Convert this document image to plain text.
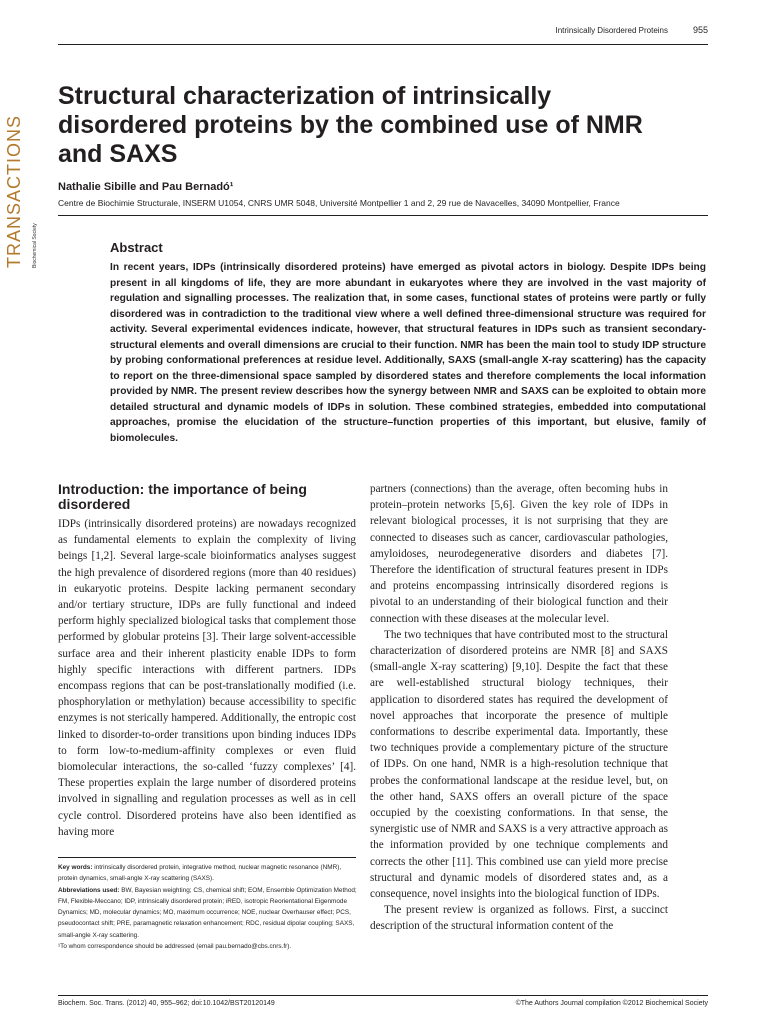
Intrinsically Disordered Proteins	955
TRANSACTIONS Biochemical Society
Structural characterization of intrinsically disordered proteins by the combined use of NMR and SAXS
Nathalie Sibille and Pau Bernadó¹
Centre de Biochimie Structurale, INSERM U1054, CNRS UMR 5048, Université Montpellier 1 and 2, 29 rue de Navacelles, 34090 Montpellier, France
Abstract
In recent years, IDPs (intrinsically disordered proteins) have emerged as pivotal actors in biology. Despite IDPs being present in all kingdoms of life, they are more abundant in eukaryotes where they are involved in the vast majority of regulation and signalling processes. The realization that, in some cases, functional states of proteins were partly or fully disordered was in contradiction to the traditional view where a well defined three-dimensional structure was required for activity. Several experimental evidences indicate, however, that structural features in IDPs such as transient secondary-structural elements and overall dimensions are crucial to their function. NMR has been the main tool to study IDP structure by probing conformational preferences at residue level. Additionally, SAXS (small-angle X-ray scattering) has the capacity to report on the three-dimensional space sampled by disordered states and therefore complements the local information provided by NMR. The present review describes how the synergy between NMR and SAXS can be exploited to obtain more detailed structural and dynamic models of IDPs in solution. These combined strategies, embedded into computational approaches, promise the elucidation of the structure–function properties of this important, but elusive, family of biomolecules.
Introduction: the importance of being disordered

IDPs (intrinsically disordered proteins) are nowadays recognized as fundamental elements to explain the complexity of living beings [1,2]. Several large-scale bioinformatics analyses suggest the high prevalence of disordered regions (more than 40 residues) in eukaryotic proteins. Despite lacking permanent secondary and/or tertiary structure, IDPs are fully functional and indeed perform highly specialized biological tasks that complement those performed by globular proteins [3]. Their large solvent-accessible surface area and their inherent plasticity enable IDPs to form highly specific interactions with different partners. IDPs encompass regions that can be post-translationally modified (i.e. phosphorylation or methylation) because accessibility to specific enzymes is not sterically hampered. Additionally, the entropic cost linked to disorder-to-order transitions upon binding induces IDPs to form low-to-medium-affinity complexes or even fluid biomolecular interactions, the so-called ‘fuzzy complexes’ [4]. These properties explain the large number of disordered proteins involved in signalling and regulation processes as well as in cell cycle control. Disordered proteins have also been identified as having more

partners (connections) than the average, often becoming hubs in protein–protein networks [5,6]. Given the key role of IDPs in relevant biological processes, it is not surprising that they are connected to diseases such as cancer, cardiovascular pathologies, amyloidoses, neurodegenerative disorders and diabetes [7]. Therefore the identification of structural features present in IDPs and proteins encompassing intrinsically disordered regions is pivotal to an understanding of their biological function and their connection with these diseases at the molecular level.

The two techniques that have contributed most to the structural characterization of disordered proteins are NMR [8] and SAXS (small-angle X-ray scattering) [9,10]. Despite the fact that these are well-established structural biology techniques, their application to disordered states has required the development of novel approaches that incorporate the presence of multiple conformations to describe experimental data. Importantly, these two techniques provide a complementary picture of the structure of IDPs. On one hand, NMR is a high-resolution technique that probes the conformational landscape at the residue level, but, on the other hand, SAXS offers an overall picture of the space occupied by the coexisting conformations. In that sense, the synergistic use of NMR and SAXS is a very attractive approach as the information provided by one technique complements and corrects the other [11]. This combined use can yield more precise structural and dynamic models of disordered states and, as a consequence, novel insights into the biological function of IDPs.

The present review is organized as follows. First, a succinct description of the structural information content of the

Key words: intrinsically disordered protein, integrative method, nuclear magnetic resonance (NMR), protein dynamics, small-angle X-ray scattering (SAXS).
Abbreviations used: BW, Bayesian weighting; CS, chemical shift; EOM, Ensemble Optimization Method; FM, Flexible-Meccano; IDP, intrinsically disordered protein; iRED, isotropic Reorientational Eigenmode Dynamics; MD, molecular dynamics; MO, maximum occurrence; NOE, nuclear Overhauser effect; PCS, pseudocontact shift; PRE, paramagnetic relaxation enhancement; RDC, residual dipolar coupling; SAXS, small-angle X-ray scattering.
¹To whom correspondence should be addressed (email pau.bernado@cbs.cnrs.fr).
Biochem. Soc. Trans. (2012) 40, 955–962; doi:10.1042/BST20120149	©The Authors Journal compilation ©2012 Biochemical Society
